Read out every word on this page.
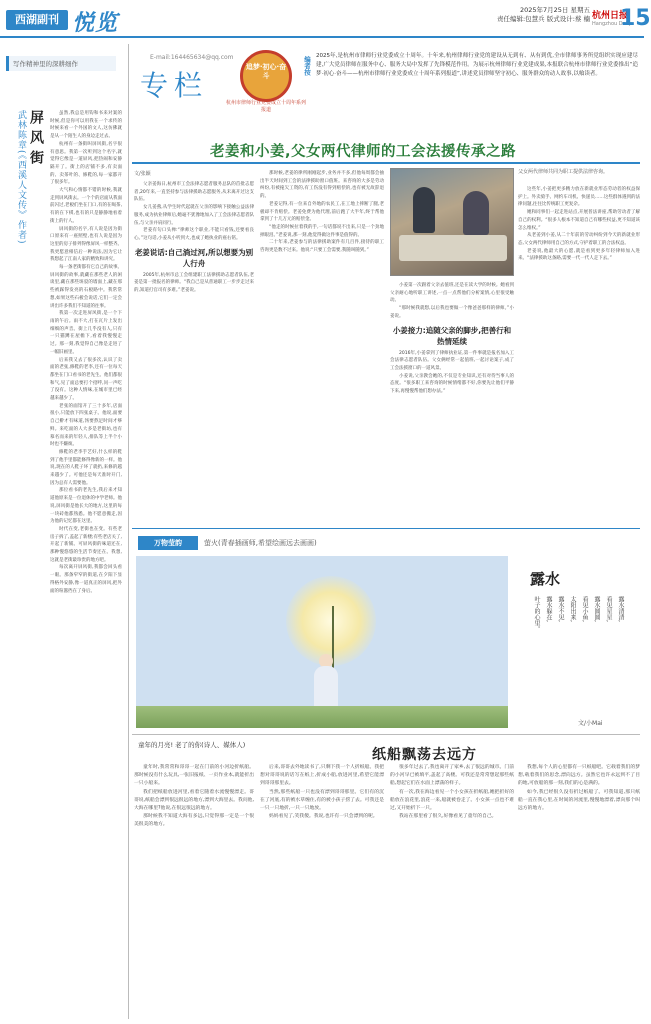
西湖副刊 悦览	2025年7月25日 星期五
责任编辑:包慧兵 版式设计:蔡 楠 杭州日报
Hangzhou Daily
15
写作精神里的深耕细作
武林陈章(《西溪人文传》作者) 屏风街	虽然,我总是用钩和书来对案的时候,但是你可以用我在一个求传的时候来看一个外国的文人,这仿佛就是从一个陌生人的身边走过去。

杭州有一条街叫屏风街,名字很有意思。我第一次听到这个名字,就觉得它像是一道屏风,把热闹和安静隔开了。街上的店铺不多,有卖面的、卖茶叶的、修鞋的,每一家都开了很多年。

大气和心情都不错的时候,我就走到屏风街去。一个个的店面从我面前闪过,老板们坐在门口,有的在喝茶,有的在下棋,也有的只是静静地看着街上的行人。

屏风街的名字,有人说是因为街口原来有一座照壁,也有人说是因为这里的房子排列得像屏风一样整齐。我更愿意相信后一种说法,因为它让我想起了江南人家的精致和讲究。

每一条老街都有它自己的故事。屏风街的故事,就藏在那些老人的闲谈里,藏在那些斑驳的墙面上,藏在那些被踩得发亮的石板路中。我常常想,如果这些石板会说话,它们一定会讲出许多我们不知道的往事。

我第一次走进屏风街,是一个下雨的午后。雨不大,打在瓦片上发出细细的声音。街上几乎没有人,只有一只猫蹲在屋檐下,看着我慢慢走过。那一刻,我觉得自己像是走进了一幅旧画里。

后来我又去了很多次,认识了卖面的老张,修鞋的老李,还有一位每天都坐在门口看书的老先生。他们都很和气,见了面总要打个招呼,问一声吃了没有。这种人情味,在城市里已经越来越少了。

老张的面馆开了三十多年,店面很小,只能放下四张桌子。他说,面要自己擀才有味道,汤要熬足时间才够鲜。来吃面的人大多是老街坊,也有慕名而来的年轻人,排队等上半个小时也不嫌烦。

修鞋的老李手艺好,什么样的鞋到了他手里都能修得像新的一样。他说,现在的人鞋子坏了就扔,来修的越来越少了。可他还是每天准时开门,因为总有人需要他。

那位看书的老先生,我后来才知道他原来是一位退休的中学老师。他说,屏风街是他长大的地方,这里的每一块砖他都熟悉。他不愿意搬走,因为他的记忆都在这里。

时代在变,老街也在变。有些老房子拆了,盖起了新楼;有些老店关了,开起了新铺。可屏风街的味道还在,那种慢悠悠的生活节奏还在。我想,这就是老街最珍贵的地方吧。

每次离开屏风街,我都会回头看一眼。那条窄窄的街道,在夕阳下显得格外安静,像一道真正的屏风,把外面的喧嚣挡在了身后。

E-mail:164465634@qq.com
专栏
追梦·初心·奋斗
杭州市律师行业党委成立十周年系列报道
编者按 2025年,是杭州市律师行业党委成立十周年。十年来,杭州律师行业党的建设从无到有、从有到优,全市律师事务所党组织实现应建尽建,广大党员律师在服务中心、服务大局中发挥了先锋模范作用。为展示杭州律师行业党建成果,本报联合杭州市律师行业党委推出“追梦·初心·奋斗——杭州市律师行业党委成立十周年系列报道”,讲述党员律师坚守初心、服务群众的动人故事,以飨读者。
老姜和小姜,父女两代律师的工会法援传承之路
文/张颖

父亲姜海日,杭州市工会法律志愿者服务总队的首批志愿者,20年来,一直坚持参与法律援助志愿服务,从未离开过这支队伍。

女儿姜燕,从学生时代起就在父亲的影响下接触公益法律服务,成为执业律师后,她毫不犹豫地加入了工会法律志愿者队伍,与父亲并肩同行。

老姜有句口头禅:“律师这个职业,不能只看钱,还要看良心。”这句话,小姜从小听到大,也成了她执业的座右铭。

老姜说话:自己淌过河,所以想要为别人行舟

2005年,杭州市总工会组建职工法律援助志愿者队伍,老姜是第一批报名的律师。“我自己是从普通职工一步步走过来的,知道打官司有多难。”老姜说。

那时候,老姜的律所刚刚起步,业务并不多,但他每周都会抽出半天时间到工会的法律援助窗口值班。来咨询的大多是劳动纠纷,有被拖欠工资的,有工伤没有得到赔偿的,也有被无故辞退的。

老姜记得,有一位来自外地的农民工,在工地上摔断了腿,老板却不肯赔偿。老姜免费为他代理,前后跑了大半年,终于帮他拿到了十几万元的赔偿金。

“他走的时候拉着我的手,一句话都说不出来,只是一个劲地掉眼泪。”老姜说,那一刻,他觉得做这件事是值得的。

二十年来,老姜参与的法律援助案件有几百件,接待的职工咨询更是数不过来。他说:“只要工会需要,我随叫随到。”

小姜第一次跟着父亲去值班,还是在读大学的时候。她看到父亲耐心地听职工讲述,一点一点帮他们分析案情,心里很受触动。

“那时候我就想,以后我也要做一个像爸爸那样的律师。”小姜说。

小姜接力:追随父亲的脚步,把善行和热情延续

2016年,小姜拿到了律师执业证,第一件事就是报名加入工会法律志愿者队伍。父女俩经常一起值班,一起讨论案子,成了工会法援窗口的一道风景。

小姜说,父亲教会她的,不仅是专业知识,还有对待当事人的态度。“很多职工来咨询的时候情绪都不好,你要先让他们平静下来,再慢慢帮他们想办法。”

父女两代律师共同为职工提供法律咨询。

这些年,小姜把更多精力放在新就业形态劳动者的权益保护上。外卖骑手、网约车司机、快递员……这些群体遇到的法律问题,往往比传统职工更复杂。

她和同事们一起走进站点,开展普法讲座,帮助劳动者了解自己的权利。“很多人根本不知道自己有哪些权益,更不知道该怎么维权。”

从老姜到小姜,从二十年前的劳动纠纷到今天的新就业形态,父女两代律师用自己的方式,守护着职工的合法权益。

老姜说,他最大的心愿,就是看到更多年轻律师加入进来。“法律援助这条路,需要一代一代人走下去。”

万物莹韵	萤火(青春插画师,希望绘画远去画画)
露水
露水清清,
看见星星,
露水圆圆,
看见小鱼,
太阳出来,
露水不见,
露水躲在,
叶子的心里。
文/小Mai
童年的月亮! 老了的你(诗人、媒体人)
纸船飘荡去远方

童年时,我常常和哥哥一起在门前的小河边折纸船。那时候没有什么玩具,一张旧报纸、一页作业本,就能折出一只小船来。

我们把纸船放进河里,看着它随着水流慢慢漂走。哥哥说,纸船会漂到很远很远的地方,漂到大海里去。我问他,大海在哪里?他说,在很远很远的地方。

那时候我不知道大海有多远,只觉得那一定是一个很美很美的地方。

后来,哥哥去外地读书了,只剩下我一个人折纸船。我把想对哥哥说的话写在纸上,折成小船,放进河里,希望它能漂到哥哥那里去。

当然,那些纸船一只也没有漂到哥哥那里。它们有的沉在了河底,有的被水草缠住,有的被小孩子捞了去。可我还是一只一只地折,一只一只地放。

妈妈看见了,笑我傻。我说,也许有一只会漂到的呢。

很多年过去了,我也离开了家乡,去了很远的城市。门前的小河早已被填平,盖起了高楼。可我还是常常想起那些纸船,想起它们在水面上漂荡的样子。

有一次,我在海边看见一个小女孩在折纸船,她把折好的船放在浪花里,浪花一来,船就被卷走了。小女孩一点也不难过,又开始折下一只。

我站在那里看了很久,好像看见了童年的自己。

我想,每个人的心里都有一只纸船吧。它载着我们的梦想,载着我们的思念,漂向远方。虽然它也许永远到不了目的地,可放船的那一刻,我们的心是满的。

如今,我已经很久没有折过纸船了。可我知道,那只纸船一直在我心里,在时间的河流里,慢慢地漂着,漂向那个叫远方的地方。
